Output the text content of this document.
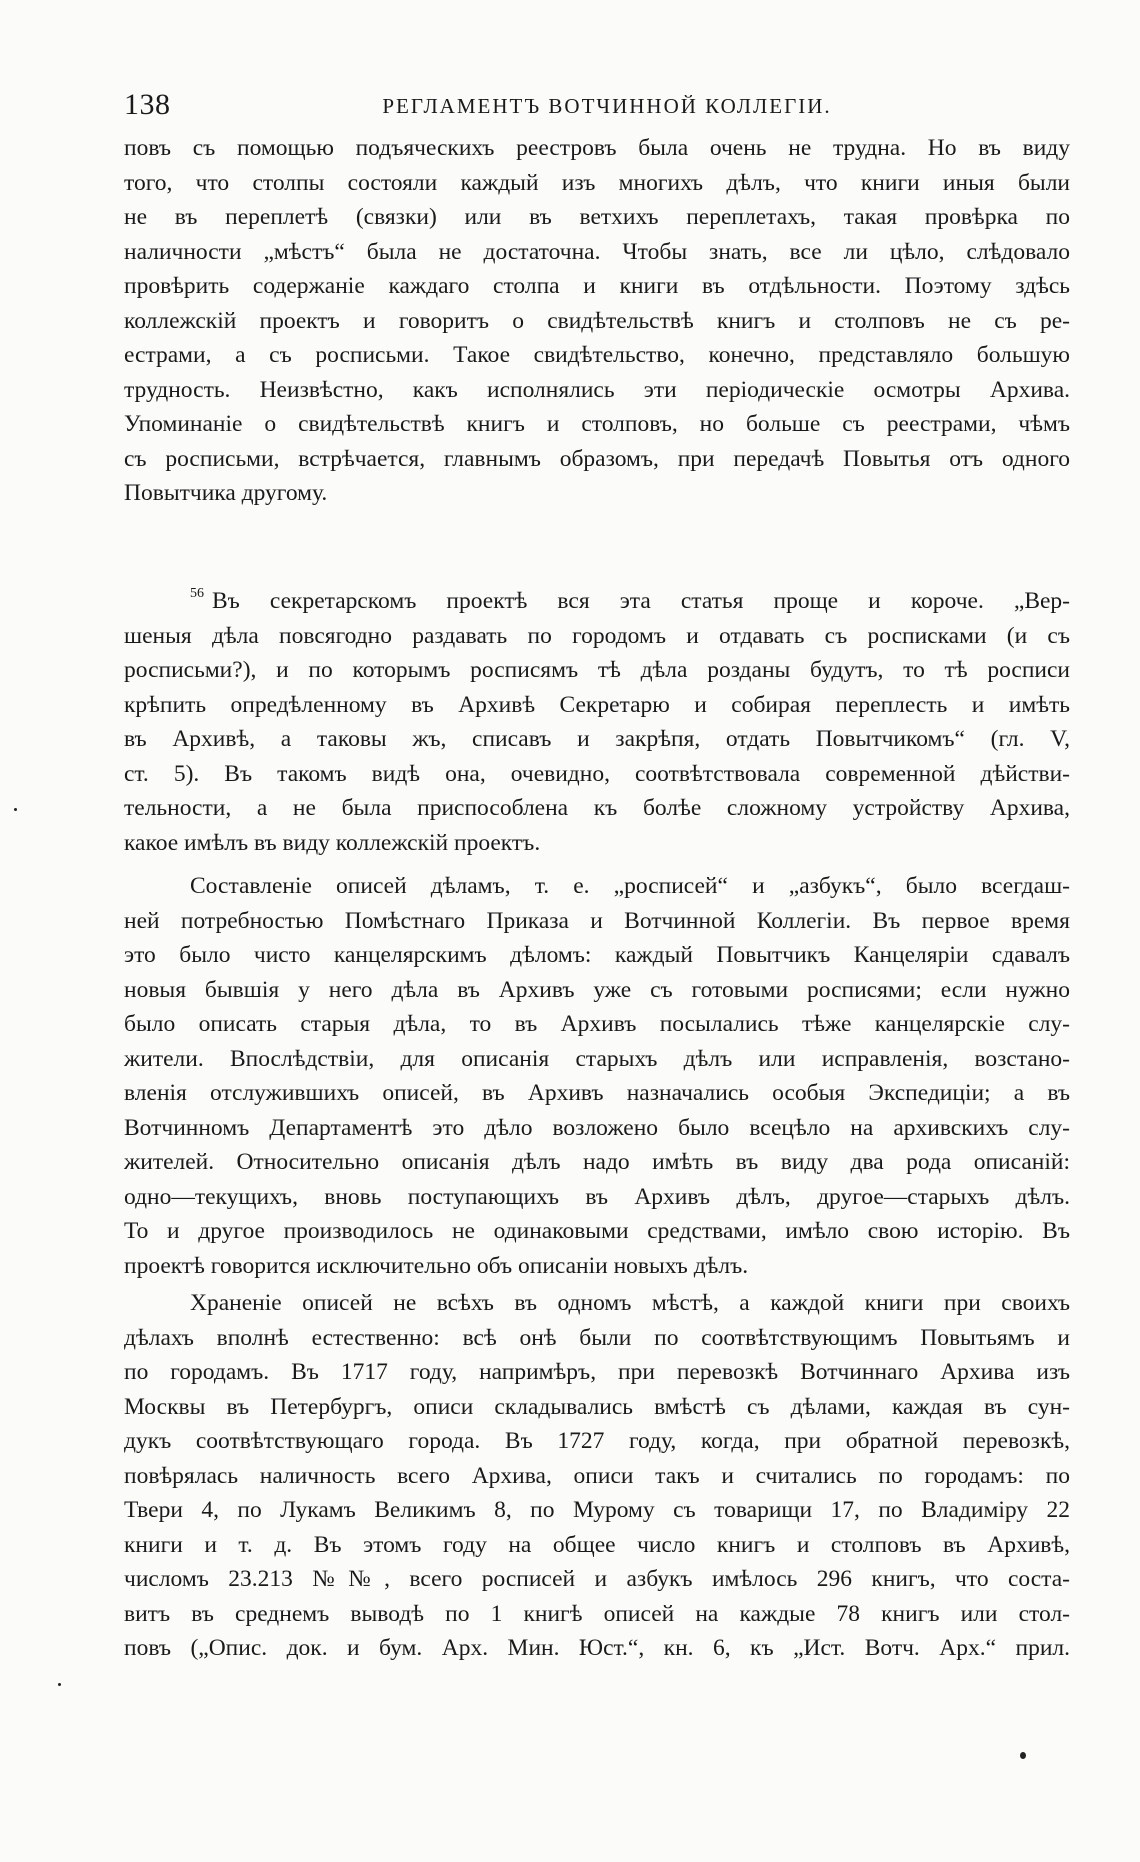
138	РЕГЛАМЕНТЪ ВОТЧИННОЙ КОЛЛЕГІИ.
повъ съ помощью подъяческихъ реестровъ была очень не трудна. Но въ виду
того, что столпы состояли каждый изъ многихъ дѣлъ, что книги иныя были
не въ переплетѣ (связки) или въ ветхихъ переплетахъ, такая провѣрка по
наличности „мѣстъ“ была не достаточна. Чтобы знать, все ли цѣло, слѣдовало
провѣрить содержаніе каждаго столпа и книги въ отдѣльности. Поэтому здѣсь
коллежскій проектъ и говоритъ о свидѣтельствѣ книгъ и столповъ не съ ре-
естрами, а съ росписьми. Такое свидѣтельство, конечно, представляло большую
трудность. Неизвѣстно, какъ исполнялись эти періодическіе осмотры Архива.
Упоминаніе о свидѣтельствѣ книгъ и столповъ, но больше съ реестрами, чѣмъ
съ росписьми, встрѣчается, главнымъ образомъ, при передачѣ Повытья отъ одного
Повытчика другому.
$^{56}$ Въ секретарскомъ проектѣ вся эта статья проще и короче. „Вер-
шеныя дѣла повсягодно раздавать по городомъ и отдавать съ росписками (и съ
росписьми?), и по которымъ росписямъ тѣ дѣла розданы будутъ, то тѣ росписи
крѣпить опредѣленному въ Архивѣ Секретарю и собирая переплесть и имѣть
въ Архивѣ, а таковы жъ, списавъ и закрѣпя, отдать Повытчикомъ“ (гл. V,
ст. 5). Въ такомъ видѣ она, очевидно, соотвѣтствовала современной дѣйстви-
тельности, а не была приспособлена къ болѣе сложному устройству Архива,
какое имѣлъ въ виду коллежскій проектъ.
Составленіе описей дѣламъ, т. е. „росписей“ и „азбукъ“, было всегдаш-
ней потребностью Помѣстнаго Приказа и Вотчинной Коллегіи. Въ первое время
это было чисто канцелярскимъ дѣломъ: каждый Повытчикъ Канцеляріи сдавалъ
новыя бывшія у него дѣла въ Архивъ уже съ готовыми росписями; если нужно
было описать старыя дѣла, то въ Архивъ посылались тѣже канцелярскіе слу-
жители. Впослѣдствіи, для описанія старыхъ дѣлъ или исправленія, возстано-
вленія отслужившихъ описей, въ Архивъ назначались особыя Экспедиціи; а въ
Вотчинномъ Департаментѣ это дѣло возложено было всецѣло на архивскихъ слу-
жителей. Относительно описанія дѣлъ надо имѣть въ виду два рода описаній:
одно—текущихъ, вновь поступающихъ въ Архивъ дѣлъ, другое—старыхъ дѣлъ.
То и другое производилось не одинаковыми средствами, имѣло свою исторію. Въ
проектѣ говорится исключительно объ описаніи новыхъ дѣлъ.
Храненіе описей не всѣхъ въ одномъ мѣстѣ, а каждой книги при своихъ
дѣлахъ вполнѣ естественно: всѣ онѣ были по соотвѣтствующимъ Повытьямъ и
по городамъ. Въ 1717 году, напримѣръ, при перевозкѣ Вотчиннаго Архива изъ
Москвы въ Петербургъ, описи складывались вмѣстѣ съ дѣлами, каждая въ сун-
дукъ соотвѣтствующаго города. Въ 1727 году, когда, при обратной перевозкѣ,
повѣрялась наличность всего Архива, описи такъ и считались по городамъ: по
Твери 4, по Лукамъ Великимъ 8, по Мурому съ товарищи 17, по Владиміру 22
книги и т. д. Въ этомъ году на общее число книгъ и столповъ въ Архивѣ,
числомъ 23.213 №№, всего росписей и азбукъ имѣлось 296 книгъ, что соста-
витъ въ среднемъ выводѣ по 1 книгѣ описей на каждые 78 книгъ или стол-
повъ („Опис. док. и бум. Арх. Мин. Юст.“, кн. 6, къ „Ист. Вотч. Арх.“ прил.
